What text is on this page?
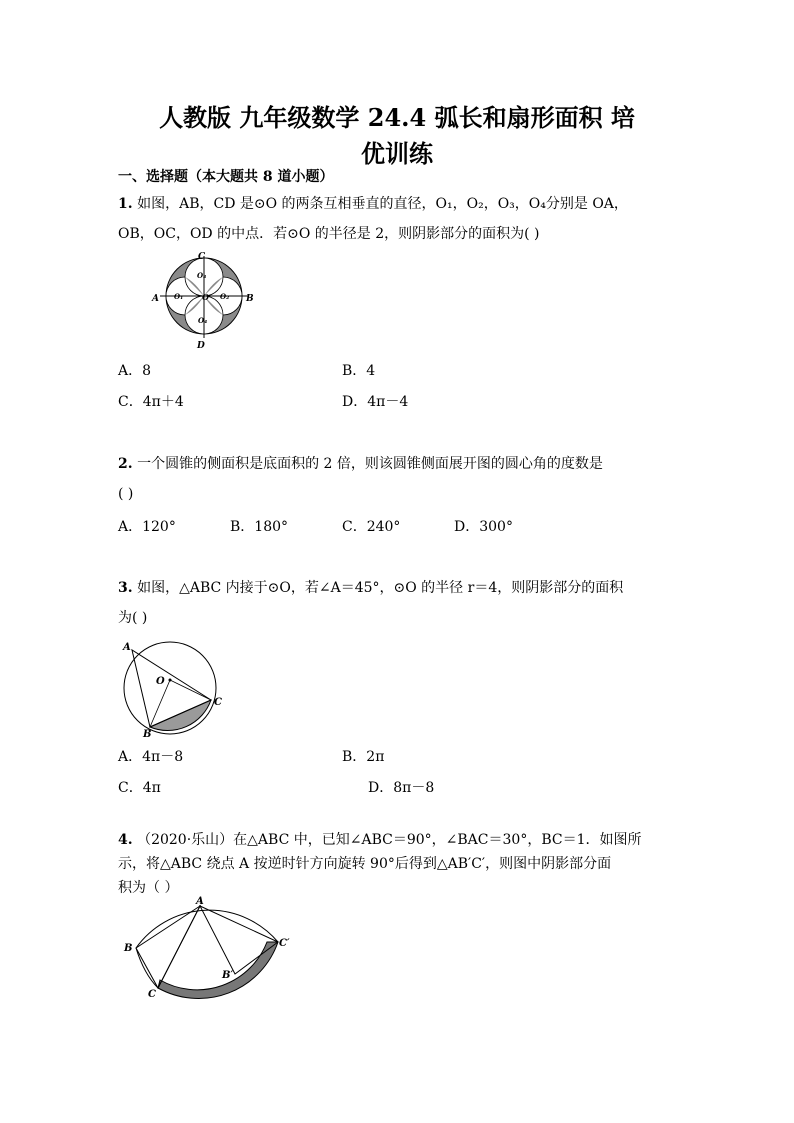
人教版 九年级数学 24.4 弧长和扇形面积 培
优训练
一、选择题（本大题共 8 道小题）
1. 如图，AB，CD 是⊙O 的两条互相垂直的直径，O₁，O₂，O₃，O₄分别是 OA，
OB，OC，OD 的中点．若⊙O 的半径是 2，则阴影部分的面积为( )
A	B
C
D
O
O₁	O₂
O₃
O₄
A．8	B．4
C．4π＋4	D．4π－4
2. 一个圆锥的侧面积是底面积的 2 倍，则该圆锥侧面展开图的圆心角的度数是
( )
A．120°	B．180°	C．240°	D．300°
3. 如图，△ABC 内接于⊙O，若∠A＝45°，⊙O 的半径 r＝4，则阴影部分的面积
为( )
A
B
C
O
A．4π－8	B．2π
C．4π	D．8π－8
4. （2020·乐山）在△ABC 中，已知∠ABC＝90°，∠BAC＝30°，BC＝1．如图所
示，将△ABC 绕点 A 按逆时针方向旋转 90°后得到△AB′C′，则图中阴影部分面
积为（ ）
A
B
C
B′
C′
